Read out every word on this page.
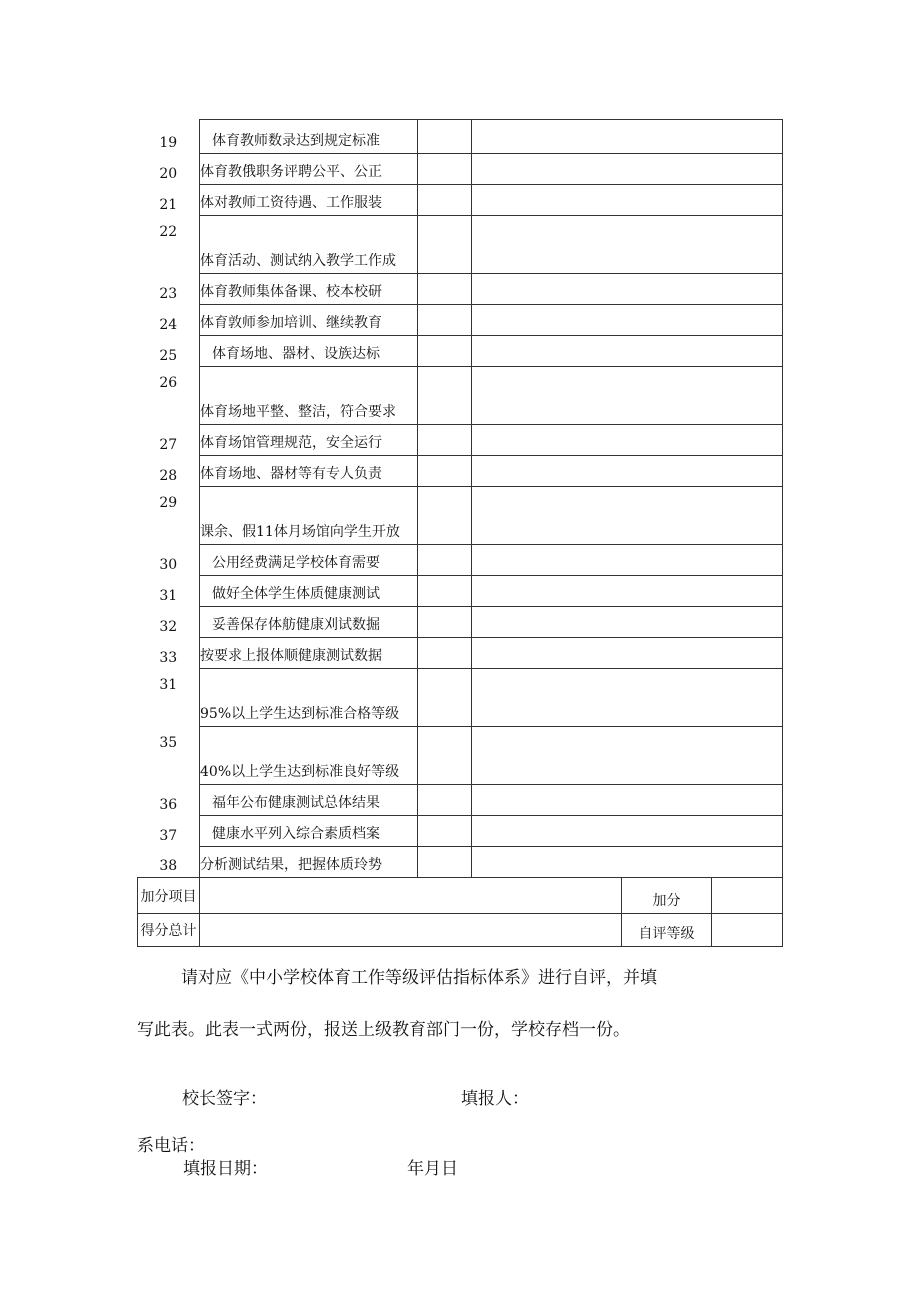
19	体育教师数录达到规定标准				
20	体育教俄职务评聘公平、公正				
21	体对教师工资待遇、工作服装				
22	体育活动、测试纳入教学工作成				
23	体育教师集体备课、校本校研				
24	体育敦师参加培训、继续教育				
25	体育场地、器材、设族达标				
26	体育场地平整、整洁，符合要求				
27	体育场馆管理规范，安全运行				
28	体育场地、器材等有专人负责				
29	课余、假11体月场馆向学生开放				
30	公用经费满足学校体育需要				
31	做好全体学生体质健康测试				
32	妥善保存体舫健康刈试数掘				
33	按要求上报体顺健康测试数据				
31	95%以上学生达到标准合格等级				
35	40%以上学生达到标准良好等级				
36	福年公布健康测试总体结果				
37	健康水平列入综合素质档案				
38	分析测试结果，把握体质玲势				
加分项目				加分	
得分总计				自评等级	

请对应《中小学校体育工作等级评估指标体系》进行自评，并填

写此表。此表一式两份，报送上级教育部门一份，学校存档一份。

校长签字：	填报人：

系电话：

填报日期：	年月日
